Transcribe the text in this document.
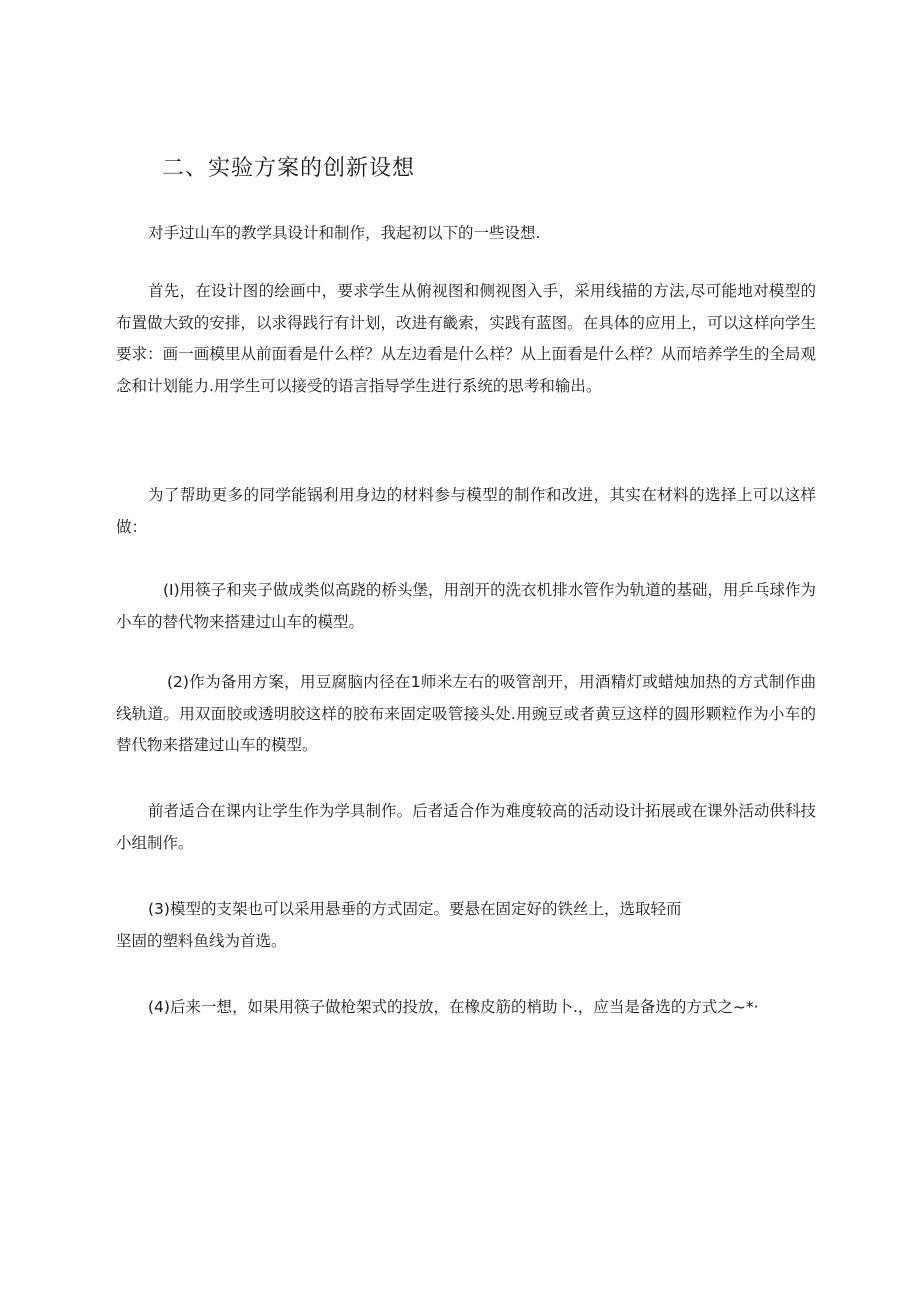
二、实验方案的创新设想

对手过山车的教学具设计和制作，我起初以下的一些设想.

首先，在设计图的绘画中，要求学生从俯视图和侧视图入手，采用线描的方法,尽可能地对模型的布置做大致的安排，以求得践行有计划，改进有畿索，实践有蓝图。在具体的应用上，可以这样向学生要求：画一画模里从前面看是什么样？从左边看是什么样？从上面看是什么样？从而培养学生的全局观念和计划能力.用学生可以接受的语言指导学生进行系统的思考和输出。

为了帮助更多的同学能锅利用身边的材料参与模型的制作和改进，其实在材料的选择上可以这样做：

(I)用筷子和夹子做成类似高跷的桥头堡，用剖开的洗衣机排水管作为轨道的基础，用乒乓球作为小车的替代物来搭建过山车的模型。

(2)作为备用方案，用豆腐脑内径在1师米左右的吸管剖开，用酒精灯或蜡烛加热的方式制作曲线轨道。用双面胶或透明胶这样的胶布来固定吸管接头处.用豌豆或者黄豆这样的圆形颗粒作为小车的替代物来搭建过山车的模型。

前者适合在课内让学生作为学具制作。后者适合作为难度较高的活动设计拓展或在课外活动供科技小组制作。

(3)模型的支架也可以采用悬垂的方式固定。要悬在固定好的铁丝上，选取轻而

坚固的塑料鱼线为首选。

(4)后来一想，如果用筷子做枪架式的投放，在橡皮筋的梢助卜.，应当是备选的方式之~*·
